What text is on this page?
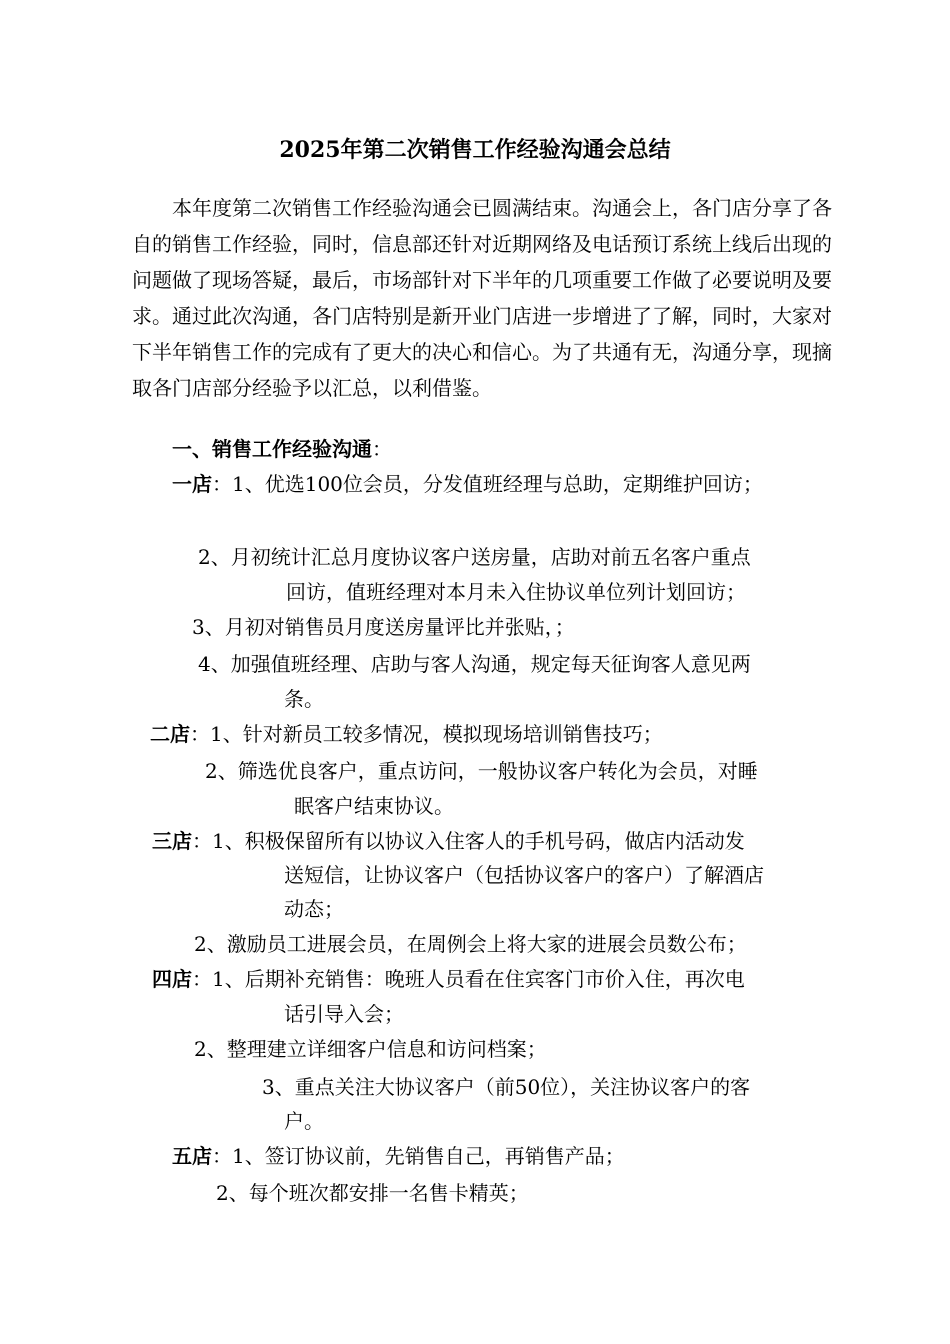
2025年第二次销售工作经验沟通会总结

本年度第二次销售工作经验沟通会已圆满结束。沟通会上，各门店分享了各自的销售工作经验，同时，信息部还针对近期网络及电话预订系统上线后出现的问题做了现场答疑，最后，市场部针对下半年的几项重要工作做了必要说明及要求。通过此次沟通，各门店特别是新开业门店进一步增进了了解，同时，大家对下半年销售工作的完成有了更大的决心和信心。为了共通有无，沟通分享，现摘取各门店部分经验予以汇总，以利借鉴。

一、销售工作经验沟通：
一店：1、优选100位会员，分发值班经理与总助，定期维护回访；
2、月初统计汇总月度协议客户送房量，店助对前五名客户重点
回访，值班经理对本月未入住协议单位列计划回访；
3、月初对销售员月度送房量评比并张贴，；
4、加强值班经理、店助与客人沟通，规定每天征询客人意见两
条。
二店：1、针对新员工较多情况，模拟现场培训销售技巧；
2、筛选优良客户，重点访问，一般协议客户转化为会员，对睡
眠客户结束协议。
三店：1、积极保留所有以协议入住客人的手机号码，做店内活动发
送短信，让协议客户（包括协议客户的客户）了解酒店
动态；
2、激励员工进展会员，在周例会上将大家的进展会员数公布；
四店：1、后期补充销售：晚班人员看在住宾客门市价入住，再次电
话引导入会；
2、整理建立详细客户信息和访问档案；
3、重点关注大协议客户（前50位），关注协议客户的客
户。
五店：1、签订协议前，先销售自己，再销售产品；
2、每个班次都安排一名售卡精英；
